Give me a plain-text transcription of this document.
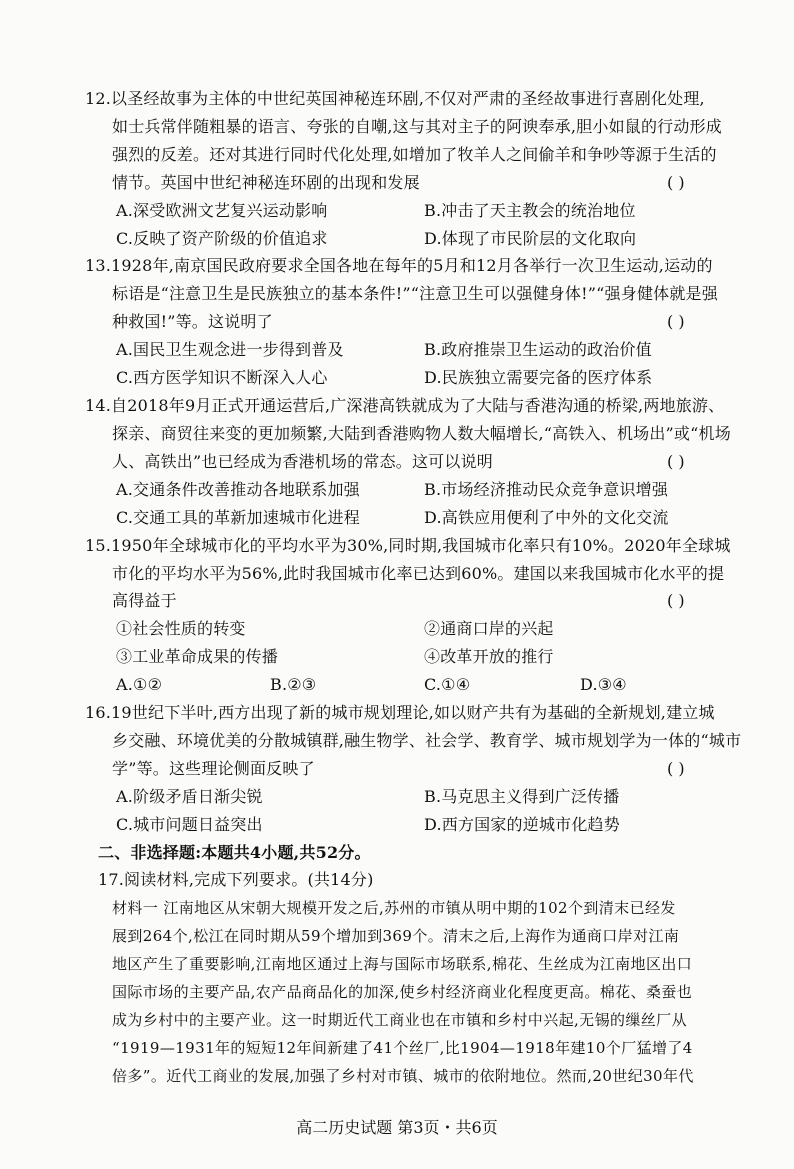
12.以圣经故事为主体的中世纪英国神秘连环剧,不仅对严肃的圣经故事进行喜剧化处理,
如士兵常伴随粗暴的语言、夸张的自嘲,这与其对主子的阿谀奉承,胆小如鼠的行动形成
强烈的反差。还对其进行同时代化处理,如增加了牧羊人之间偷羊和争吵等源于生活的
情节。英国中世纪神秘连环剧的出现和发展	( )
A.深受欧洲文艺复兴运动影响	B.冲击了天主教会的统治地位
C.反映了资产阶级的价值追求	D.体现了市民阶层的文化取向
13.1928年,南京国民政府要求全国各地在每年的5月和12月各举行一次卫生运动,运动的
标语是“注意卫生是民族独立的基本条件!”“注意卫生可以强健身体!”“强身健体就是强
种救国!”等。这说明了	( )
A.国民卫生观念进一步得到普及	B.政府推崇卫生运动的政治价值
C.西方医学知识不断深入人心	D.民族独立需要完备的医疗体系
14.自2018年9月正式开通运营后,广深港高铁就成为了大陆与香港沟通的桥梁,两地旅游、
探亲、商贸往来变的更加频繁,大陆到香港购物人数大幅增长,“高铁入、机场出”或“机场
人、高铁出”也已经成为香港机场的常态。这可以说明	( )
A.交通条件改善推动各地联系加强	B.市场经济推动民众竞争意识增强
C.交通工具的革新加速城市化进程	D.高铁应用便利了中外的文化交流
15.1950年全球城市化的平均水平为30%,同时期,我国城市化率只有10%。2020年全球城
市化的平均水平为56%,此时我国城市化率已达到60%。建国以来我国城市化水平的提
高得益于	( )
①社会性质的转变	②通商口岸的兴起
③工业革命成果的传播	④改革开放的推行
A.①②	B.②③	C.①④	D.③④
16.19世纪下半叶,西方出现了新的城市规划理论,如以财产共有为基础的全新规划,建立城
乡交融、环境优美的分散城镇群,融生物学、社会学、教育学、城市规划学为一体的“城市
学”等。这些理论侧面反映了	( )
A.阶级矛盾日渐尖锐	B.马克思主义得到广泛传播
C.城市问题日益突出	D.西方国家的逆城市化趋势
二、非选择题:本题共4小题,共52分。
17.阅读材料,完成下列要求。(共14分)
材料一 江南地区从宋朝大规模开发之后,苏州的市镇从明中期的102个到清末已经发
展到264个,松江在同时期从59个增加到369个。清末之后,上海作为通商口岸对江南
地区产生了重要影响,江南地区通过上海与国际市场联系,棉花、生丝成为江南地区出口
国际市场的主要产品,农产品商品化的加深,使乡村经济商业化程度更高。棉花、桑蚕也
成为乡村中的主要产业。这一时期近代工商业也在市镇和乡村中兴起,无锡的缫丝厂从
“1919—1931年的短短12年间新建了41个丝厂,比1904—1918年建10个厂猛增了4
倍多”。近代工商业的发展,加强了乡村对市镇、城市的依附地位。然而,20世纪30年代
高二历史试题 第3页・共6页
